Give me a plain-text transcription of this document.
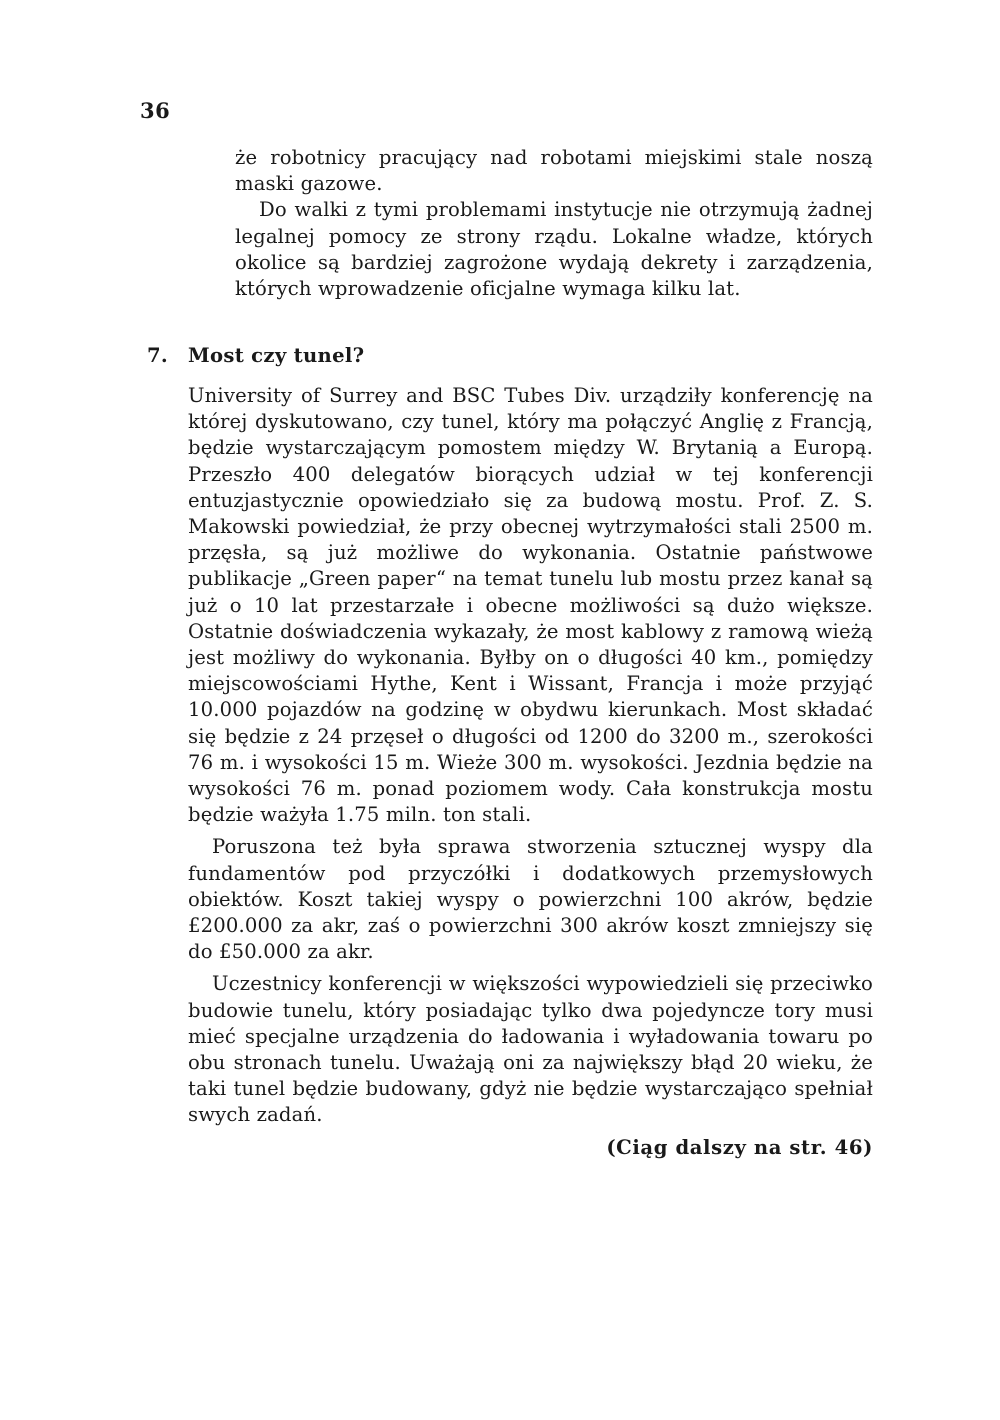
36

że robotnicy pracujący nad robotami miejskimi stale noszą maski gazowe.

Do walki z tymi problemami instytucje nie otrzymują żadnej legalnej pomocy ze strony rządu. Lokalne władze, których okolice są bardziej zagrożone wydają dekrety i zarządzenia, których wprowadzenie oficjalne wymaga kilku lat.

7. Most czy tunel?

University of Surrey and BSC Tubes Div. urządziły konferencję na której dyskutowano, czy tunel, który ma połączyć Anglię z Francją, będzie wystarczającym pomostem między W. Brytanią a Europą. Przeszło 400 delegatów biorących udział w tej konferencji entuzjastycznie opowiedziało się za budową mostu. Prof. Z. S. Makowski powiedział, że przy obecnej wytrzymałości stali 2500 m. przęsła, są już możliwe do wykonania. Ostatnie państwowe publikacje „Green paper“ na temat tunelu lub mostu przez kanał są już o 10 lat przestarzałe i obecne możliwości są dużo większe. Ostatnie doświadczenia wykazały, że most kablowy z ramową wieżą jest możliwy do wykonania. Byłby on o długości 40 km., pomiędzy miejscowościami Hythe, Kent i Wissant, Francja i może przyjąć 10.000 pojazdów na godzinę w obydwu kierunkach. Most składać się będzie z 24 przęseł o długości od 1200 do 3200 m., szerokości 76 m. i wysokości 15 m. Wieże 300 m. wysokości. Jezdnia będzie na wysokości 76 m. ponad poziomem wody. Cała konstrukcja mostu będzie ważyła 1.75 miln. ton stali.

Poruszona też była sprawa stworzenia sztucznej wyspy dla fundamentów pod przyczółki i dodatkowych przemysłowych obiektów. Koszt takiej wyspy o powierzchni 100 akrów, będzie £200.000 za akr, zaś o powierzchni 300 akrów koszt zmniejszy się do £50.000 za akr.

Uczestnicy konferencji w większości wypowiedzieli się przeciwko budowie tunelu, który posiadając tylko dwa pojedyncze tory musi mieć specjalne urządzenia do ładowania i wyładowania towaru po obu stronach tunelu. Uważają oni za największy błąd 20 wieku, że taki tunel będzie budowany, gdyż nie będzie wystarczająco spełniał swych zadań.

(Ciąg dalszy na str. 46)
